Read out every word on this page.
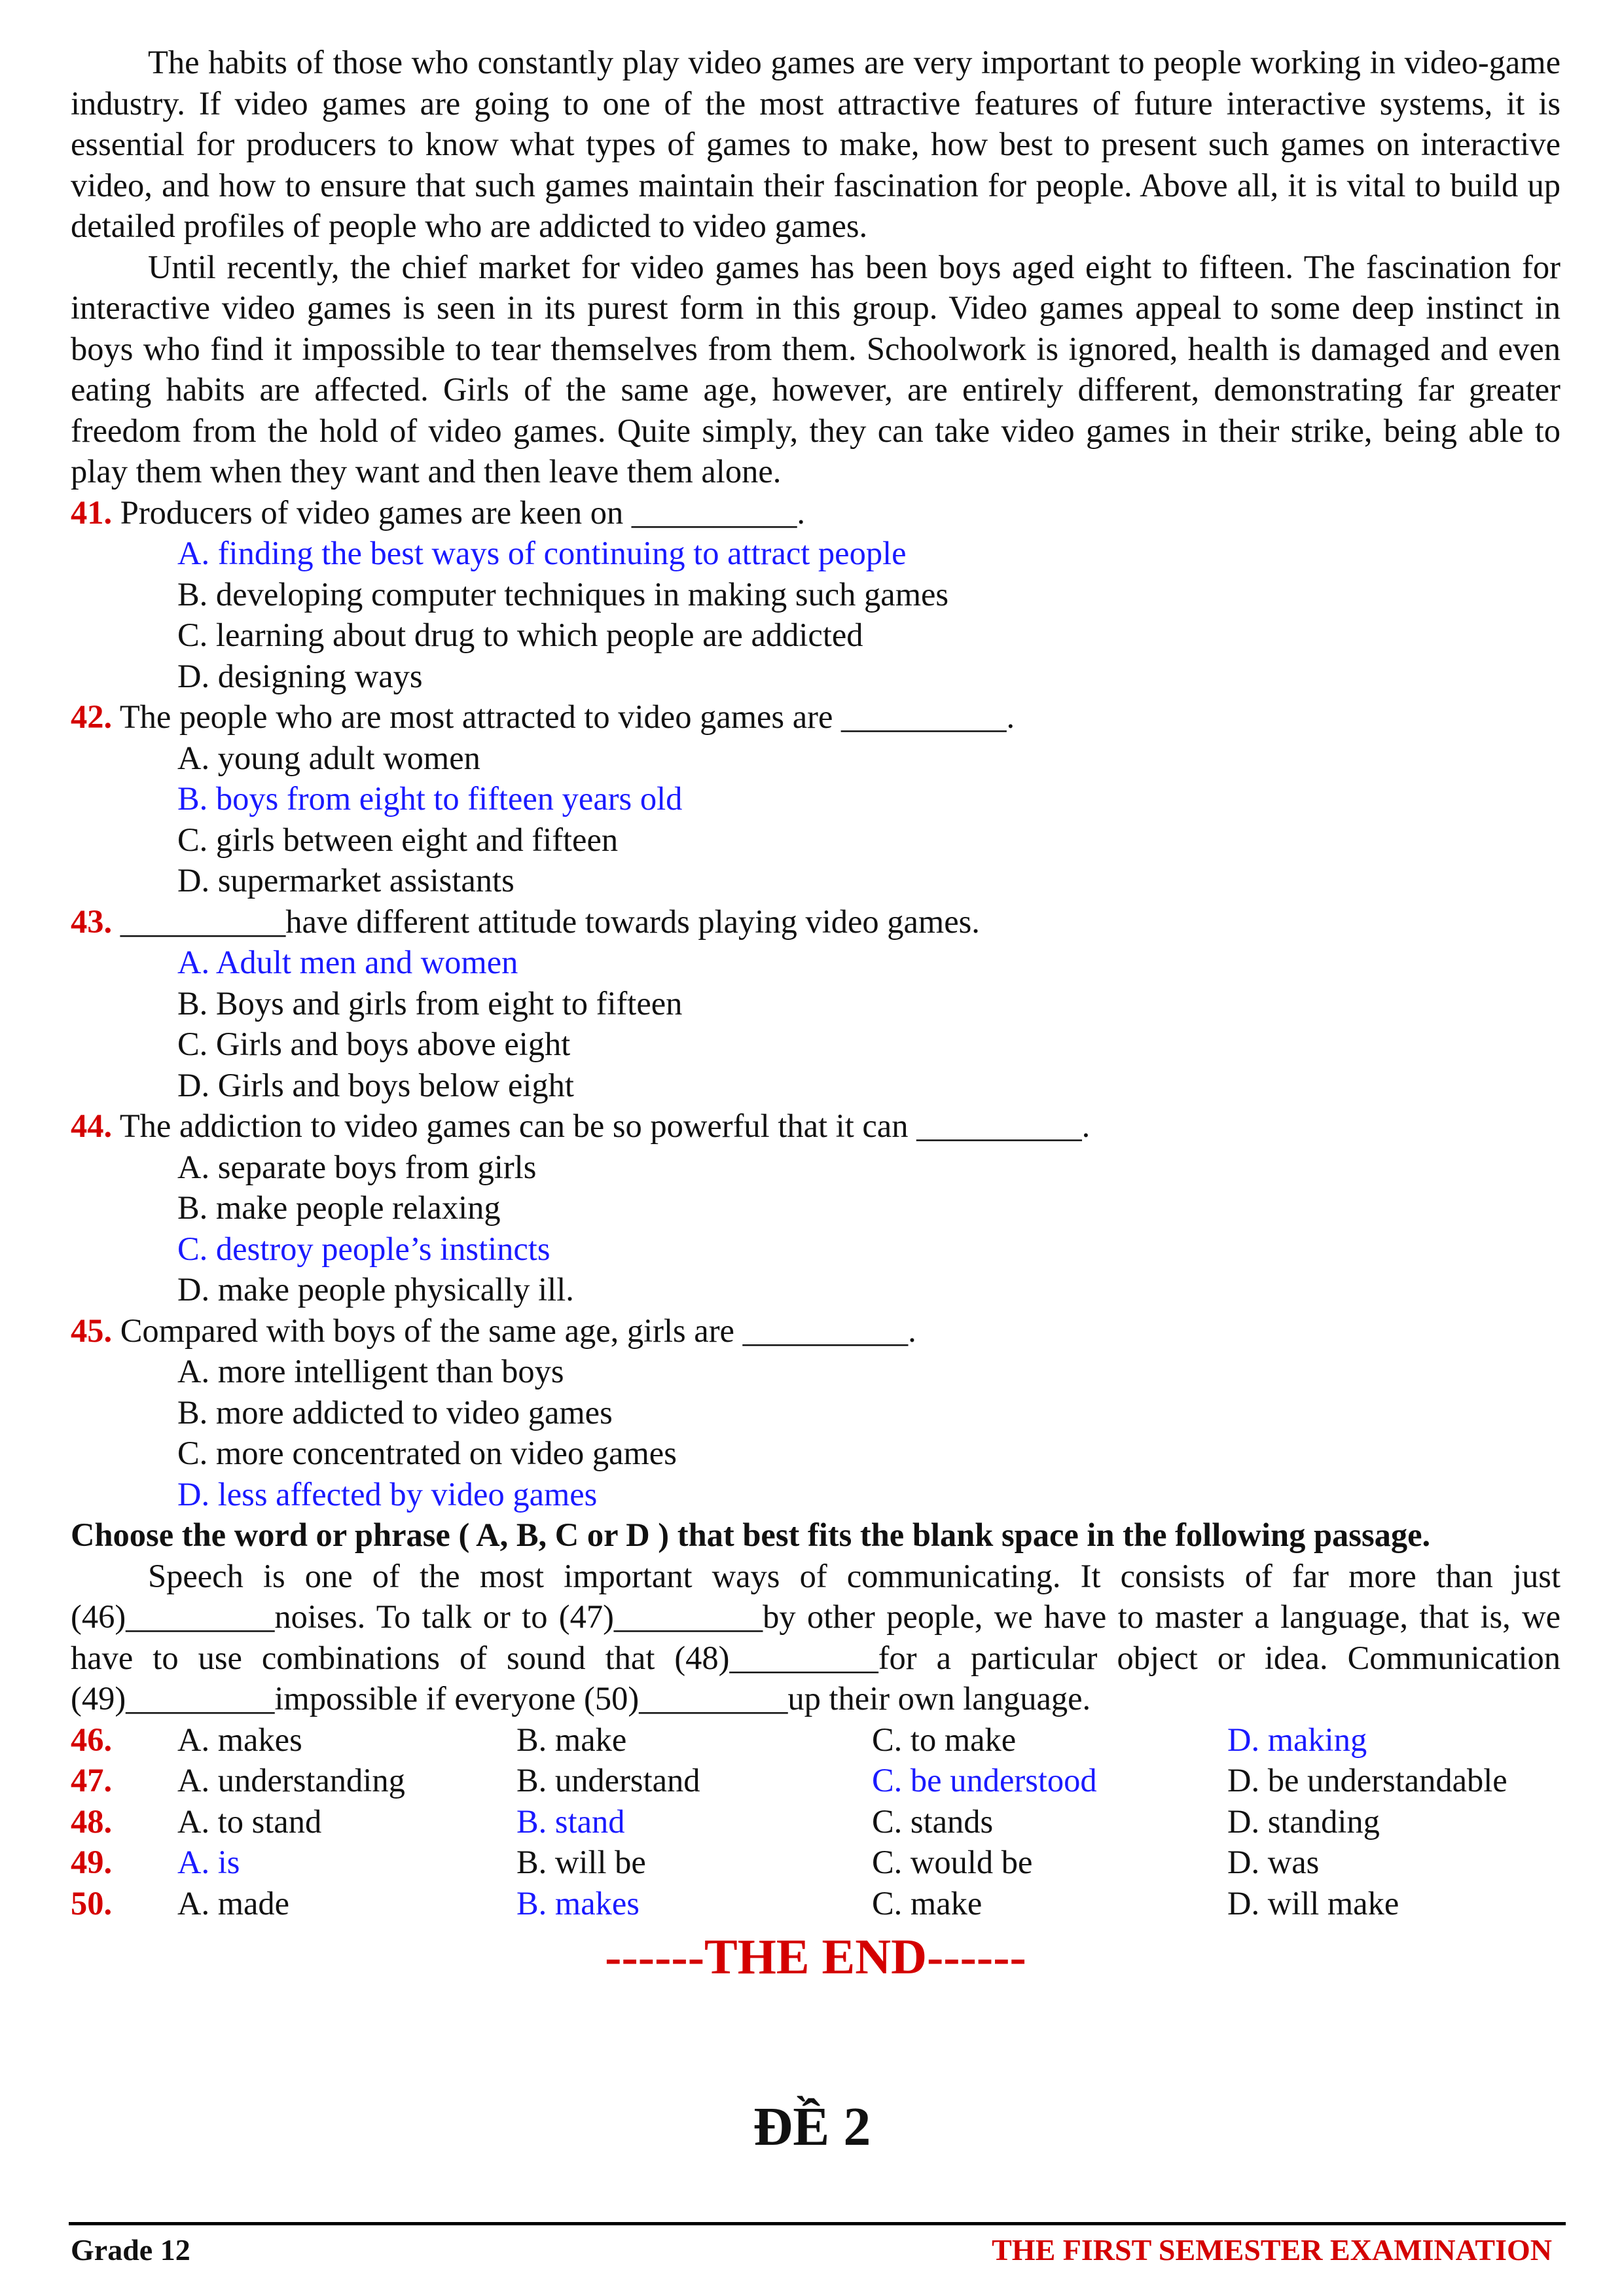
The habits of those who constantly play video games are very important to people working in video-game industry. If video games are going to one of the most attractive features of future interactive systems, it is essential for producers to know what types of games to make, how best to present such games on interactive video, and how to ensure that such games maintain their fascination for people. Above all, it is vital to build up detailed profiles of people who are addicted to video games.

Until recently, the chief market for video games has been boys aged eight to fifteen. The fascination for interactive video games is seen in its purest form in this group. Video games appeal to some deep instinct in boys who find it impossible to tear themselves from them. Schoolwork is ignored, health is damaged and even eating habits are affected. Girls of the same age, however, are entirely different, demonstrating far greater freedom from the hold of video games. Quite simply, they can take video games in their strike, being able to play them when they want and then leave them alone.

41. Producers of video games are keen on __________.

A. finding the best ways of continuing to attract people

B. developing computer techniques in making such games

C. learning about drug to which people are addicted

D. designing ways

42. The people who are most attracted to video games are __________.

A. young adult women

B. boys from eight to fifteen years old

C. girls between eight and fifteen

D. supermarket assistants

43. __________have different attitude towards playing video games.

A. Adult men and women

B. Boys and girls from eight to fifteen

C. Girls and boys above eight

D. Girls and boys below eight

44. The addiction to video games can be so powerful that it can __________.

A. separate boys from girls

B. make people relaxing

C. destroy people’s instincts

D. make people physically ill.

45. Compared with boys of the same age, girls are __________.

A. more intelligent than boys

B. more addicted to video games

C. more concentrated on video games

D. less affected by video games

Choose the word or phrase ( A, B, C or D ) that best fits the blank space in the following passage.

Speech is one of the most important ways of communicating. It consists of far more than just (46)_________noises. To talk or to (47)_________by other people, we have to master a language, that is, we have to use combinations of sound that (48)_________for a particular object or idea. Communication (49)_________impossible if everyone (50)_________up their own language.

46.	A. makes	B. make	C. to make	D. making
47.	A. understanding	B. understand	C. be understood	D. be understandable
48.	A. to stand	B. stand	C. stands	D. standing
49.	A. is	B. will be	C. would be	D. was
50.	A. made	B. makes	C. make	D. will make
------THE END------
ĐỀ 2
Grade 12	THE FIRST SEMESTER EXAMINATION
